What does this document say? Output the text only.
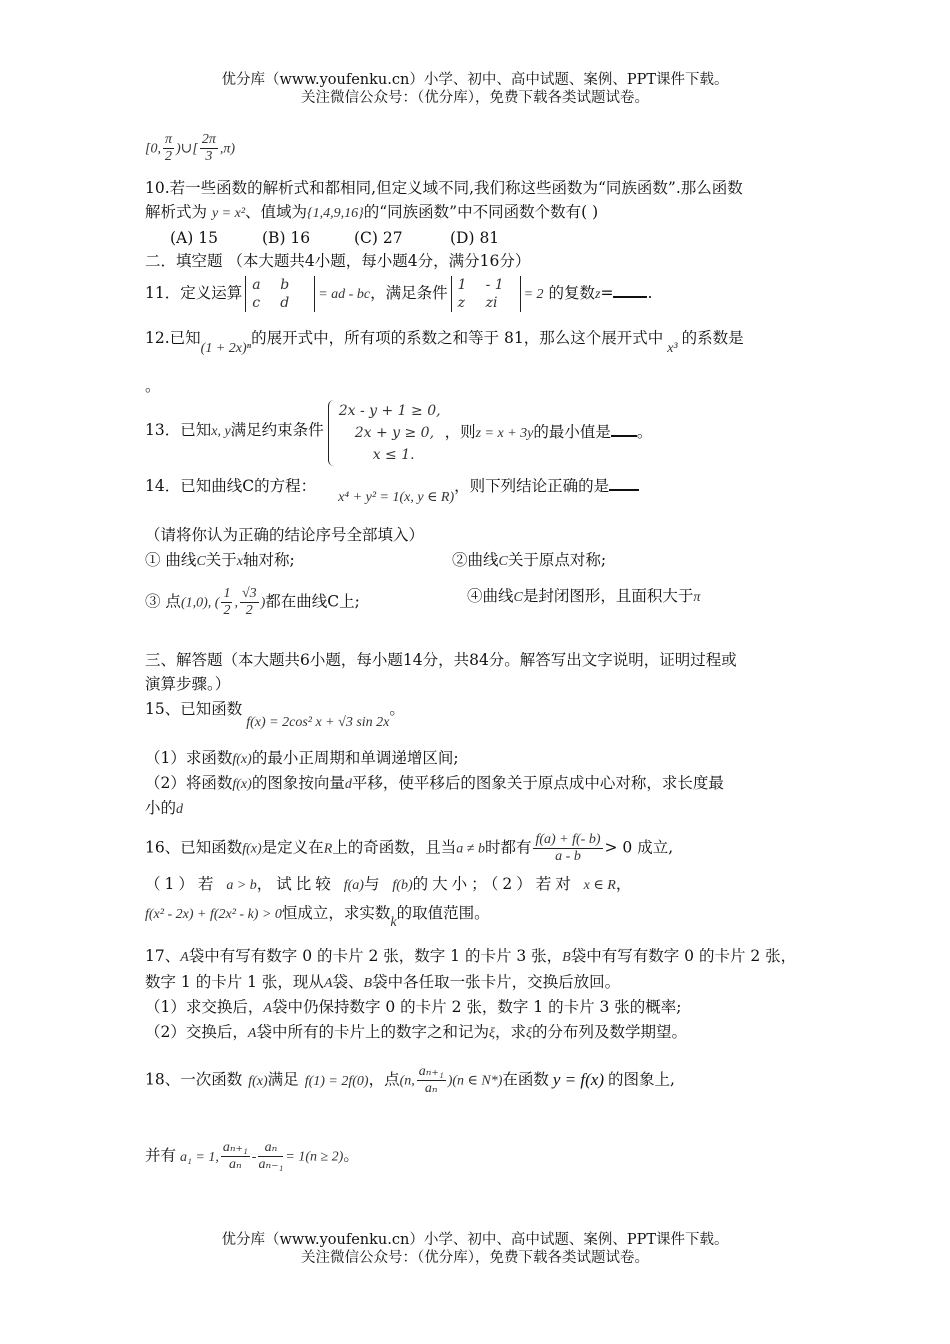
优分库（www.youfenku.cn）小学、初中、高中试题、案例、PPT课件下载。
关注微信公众号：（优分库），免费下载各类试题试卷。
[0, $\frac{\pi}{2}$ )∪[ $\frac{2\pi}{3} ,\pi$)
10.若一些函数的解析式和都相同,但定义域不同,我们称这些函数为“同族函数”.那么函数
解析式为 y = x²、值域为{1,4,9,16}的“同族函数”中不同函数个数有( )
(A) 15	(B) 16	(C) 27	(D) 81
二．填空题 （本大题共4小题，每小题4分，满分16分）
11．定义运算 a b
c d
= ad - bc，满足条件 1 - 1
z zi
= 2 的复数z= .
12.已知(1 + 2x)ⁿ的展开式中，所有项的系数之和等于 81，那么这个展开式中x³的系数是
。
13．已知x, y满足约束条件
2x - y + 1 ≥ 0,
2x + y ≥ 0,
x ≤ 1.
，则z = x + 3y的最小值是 。
14．已知曲线C的方程：x⁴ + y² = 1(x, y ∈ R)，则下列结论正确的是
（请将你认为正确的结论序号全部填入）
① 曲线C关于x轴对称;	②曲线C关于原点对称;
③ 点(1,0), ( $\frac{1}{2}$ , $\frac{√3}{2}$ )都在曲线C上;	④曲线C是封闭图形，且面积大于π
三、解答题（本大题共6小题，每小题14分，共84分。解答写出文字说明，证明过程或
演算步骤。）
15、已知函数f(x) = 2cos² x + √3 sin 2x。
（1）求函数f(x)的最小正周期和单调递增区间;
（2）将函数f(x)的图象按向量d平移，使平移后的图象关于原点成中心对称，求长度最
小的d
16、已知函数f(x)是定义在R上的奇函数，且当a ≠ b时都有 $\frac{f(a) + f(- b)}{a - b} > 0$ 成立,
（1）若 a > b，试比较 f(a)与 f(b)的大小；（2）若对 x ∈ R，
f(x² - 2x) + f(2x² - k) > 0恒成立，求实数k的取值范围。
17、A袋中有写有数字 0 的卡片 2 张，数字 1 的卡片 3 张，B袋中有写有数字 0 的卡片 2 张，
数字 1 的卡片 1 张，现从A袋、B袋中各任取一张卡片，交换后放回。
（1）求交换后，A袋中仍保持数字 0 的卡片 2 张，数字 1 的卡片 3 张的概率;
（2）交换后，A袋中所有的卡片上的数字之和记为ξ，求ξ的分布列及数学期望。
18、一次函数 f(x)满足 f(1) = 2f(0)，点(n, $\frac{\text{aₙ₊₁}}{\text{aₙ}} )(n$ ∈ N*)在函数 y = f(x) 的图象上,
并有 a₁ = 1, $\frac{\text{aₙ₊₁}}{\text{aₙ}} - \frac{\text{aₙ}}{\text{aₙ₋₁}} = 1(n \ge 2)$。
优分库（www.youfenku.cn）小学、初中、高中试题、案例、PPT课件下载。
关注微信公众号：（优分库），免费下载各类试题试卷。
